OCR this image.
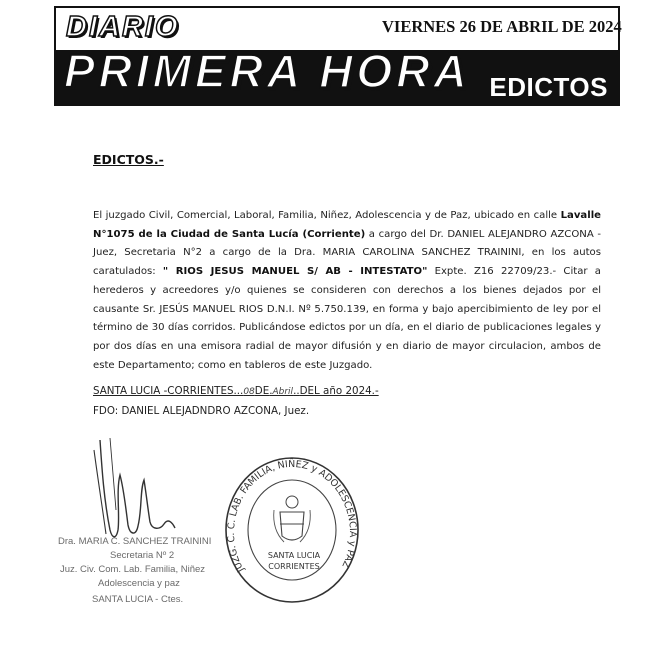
DIARIO	VIERNES 26 DE ABRIL DE 2024
PRIMERA HORA EDICTOS
EDICTOS.-
El juzgado Civil, Comercial, Laboral, Familia, Niñez, Adolescencia y de Paz, ubicado en calle Lavalle N°1075 de la Ciudad de Santa Lucía (Corriente) a cargo del Dr. DANIEL ALEJANDRO AZCONA -Juez, Secretaria N°2 a cargo de la Dra. MARIA CAROLINA SANCHEZ TRAININI, en los autos caratulados: " RIOS JESUS MANUEL S/ AB - INTESTATO" Expte. Z16 22709/23.- Citar a herederos y acreedores y/o quienes se consideren con derechos a los bienes dejados por el causante Sr. JESÚS MANUEL RIOS D.N.I. Nº 5.750.139, en forma y bajo apercibimiento de ley por el término de 30 días corridos. Publicándose edictos por un día, en el diario de publicaciones legales y por dos días en una emisora radial de mayor difusión y en diario de mayor circulacion, ambos de este Departamento; como en tableros de este Juzgado.
SANTA LUCIA -CORRIENTES...08DE.Abril..DEL año 2024.-
FDO: DANIEL ALEJADNDRO AZCONA, Juez.
Dra. MARIA C. SANCHEZ TRAININI
Secretaria Nº 2
Juz. Civ. Com. Lab. Familia, Niñez
Adolescencia y paz
SANTA LUCIA - Ctes.
JUZG. C. C. LAB. FAMILIA, NIÑEZ y ADOLESCENCIA y PAZ
SANTA LUCIA
CORRIENTES
